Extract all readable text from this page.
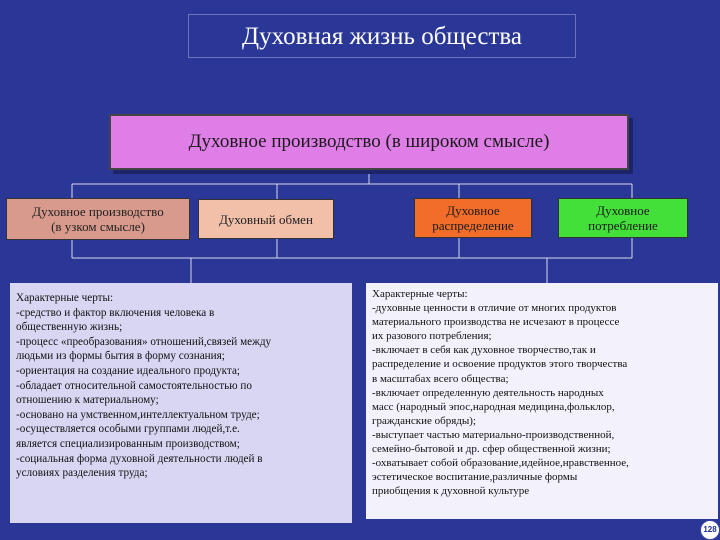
Духовная жизнь общества
Духовное производство (в широком смысле)
Духовное производство
(в узком смысле)	Духовный обмен
Духовное
распределение
Духовное
потребление
Характерные черты:
-средство и фактор включения человека в
общественную жизнь;
-процесс «преобразования» отношений,связей между
людьми из формы бытия в форму сознания;
-ориентация на создание идеального продукта;
-обладает относительной самостоятельностью по
отношению к материальному;
-основано на умственном,интеллектуальном труде;
-осуществляется особыми группами людей,т.е.
является специализированным производством;
-социальная форма духовной деятельности людей в
условиях разделения труда;
Характерные черты:
-духовные ценности в отличие от многих продуктов
материального производства не исчезают в процессе
их разового потребления;
-включает в себя как духовное творчество,так и
распределение и освоение продуктов этого творчества
в масштабах всего общества;
-включает определенную деятельность народных
масс (народный эпос,народная медицина,фольклор,
гражданские обряды);
-выступает частью материально-производственной,
семейно-бытовой и др. сфер общественной жизни;
-охватывает собой образование,идейное,нравственное,
эстетическое воспитание,различные формы
приобщения к духовной культуре
128
